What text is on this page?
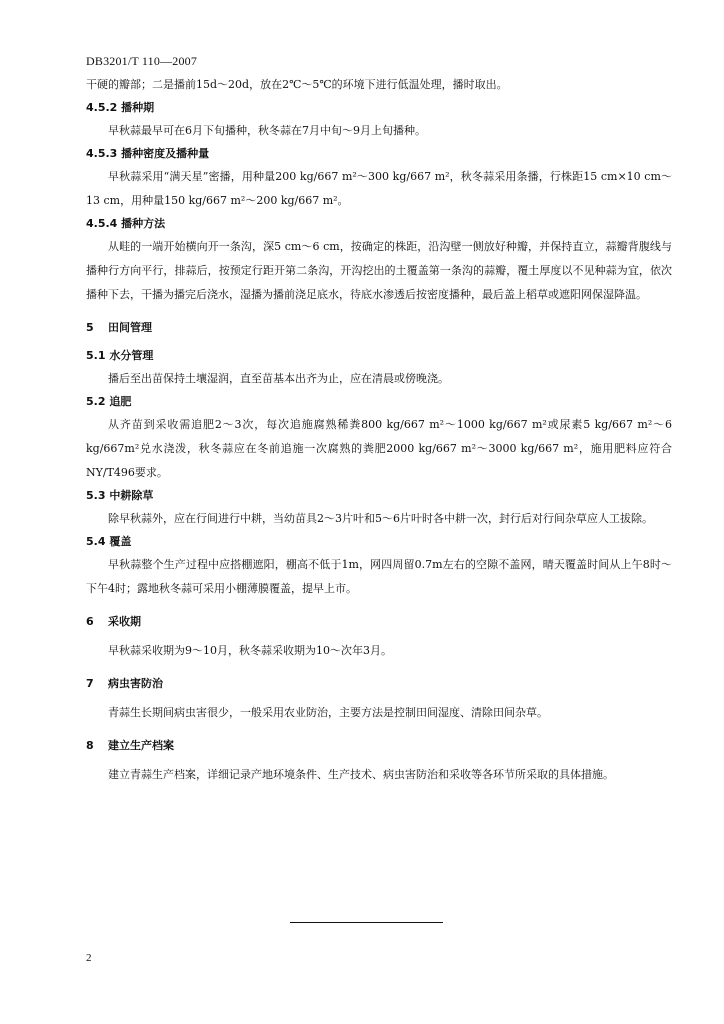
DB3201/T 110—2007

干硬的瓣部；二是播前15d～20d，放在2℃～5℃的环境下进行低温处理，播时取出。

4.5.2 播种期

早秋蒜最早可在6月下旬播种，秋冬蒜在7月中旬～9月上旬播种。

4.5.3 播种密度及播种量

早秋蒜采用“满天星”密播，用种量200 kg/667 m²～300 kg/667 m²，秋冬蒜采用条播，行株距15 cm×10 cm～13 cm，用种量150 kg/667 m²～200 kg/667 m²。

4.5.4 播种方法

从畦的一端开始横向开一条沟，深5 cm～6 cm，按确定的株距，沿沟壁一侧放好种瓣，并保持直立，蒜瓣背腹线与播种行方向平行，排蒜后，按预定行距开第二条沟，开沟挖出的土覆盖第一条沟的蒜瓣，覆土厚度以不见种蒜为宜，依次播种下去，干播为播完后浇水，湿播为播前浇足底水，待底水渗透后按密度播种，最后盖上稻草或遮阳网保湿降温。

5 田间管理
5.1 水分管理

播后至出苗保持土壤湿润，直至苗基本出齐为止，应在清晨或傍晚浇。

5.2 追肥

从齐苗到采收需追肥2～3次，每次追施腐熟稀粪800 kg/667 m²～1000 kg/667 m²或尿素5 kg/667 m²～6 kg/667m²兑水浇泼，秋冬蒜应在冬前追施一次腐熟的粪肥2000 kg/667 m²～3000 kg/667 m²，施用肥料应符合NY/T496要求。

5.3 中耕除草

除早秋蒜外，应在行间进行中耕，当幼苗具2～3片叶和5～6片叶时各中耕一次，封行后对行间杂草应人工拔除。

5.4 覆盖

早秋蒜整个生产过程中应搭棚遮阳，棚高不低于1m，网四周留0.7m左右的空隙不盖网，晴天覆盖时间从上午8时～下午4时；露地秋冬蒜可采用小棚薄膜覆盖，提早上市。

6 采收期

早秋蒜采收期为9～10月，秋冬蒜采收期为10～次年3月。

7 病虫害防治

青蒜生长期间病虫害很少，一般采用农业防治，主要方法是控制田间湿度、清除田间杂草。

8 建立生产档案

建立青蒜生产档案，详细记录产地环境条件、生产技术、病虫害防治和采收等各环节所采取的具体措施。

2
